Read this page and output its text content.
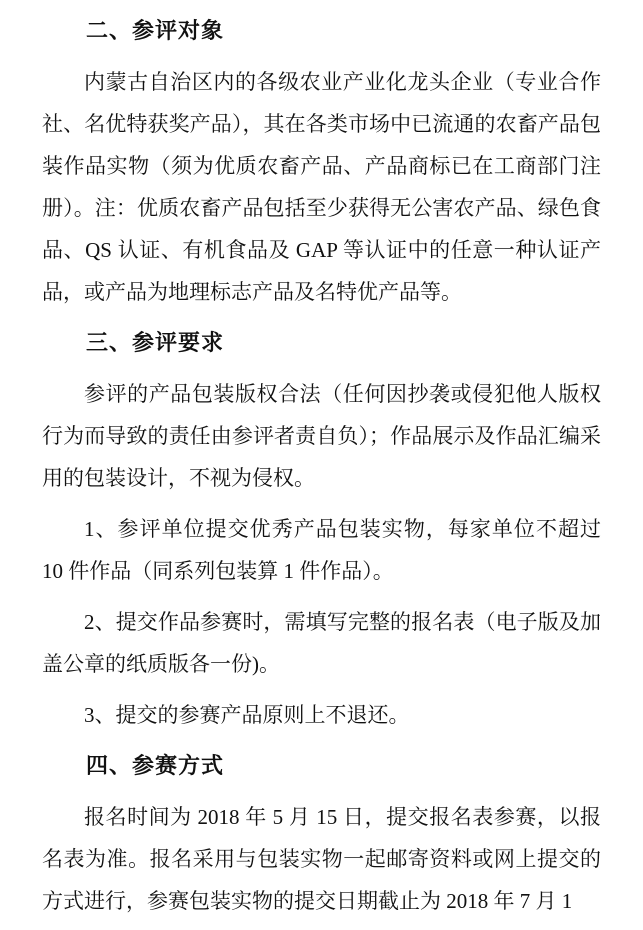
二、参评对象

内蒙古自治区内的各级农业产业化龙头企业（专业合作社、名优特获奖产品），其在各类市场中已流通的农畜产品包装作品实物（须为优质农畜产品、产品商标已在工商部门注册）。注：优质农畜产品包括至少获得无公害农产品、绿色食品、QS 认证、有机食品及 GAP 等认证中的任意一种认证产品，或产品为地理标志产品及名特优产品等。

三、参评要求

参评的产品包装版权合法（任何因抄袭或侵犯他人版权行为而导致的责任由参评者责自负）；作品展示及作品汇编采用的包装设计，不视为侵权。

1、参评单位提交优秀产品包装实物，每家单位不超过 10 件作品（同系列包装算 1 件作品）。

2、提交作品参赛时，需填写完整的报名表（电子版及加盖公章的纸质版各一份)。

3、提交的参赛产品原则上不退还。

四、参赛方式

报名时间为 2018 年 5 月 15 日，提交报名表参赛，以报名表为准。报名采用与包装实物一起邮寄资料或网上提交的方式进行，参赛包装实物的提交日期截止为 2018 年 7 月 1
